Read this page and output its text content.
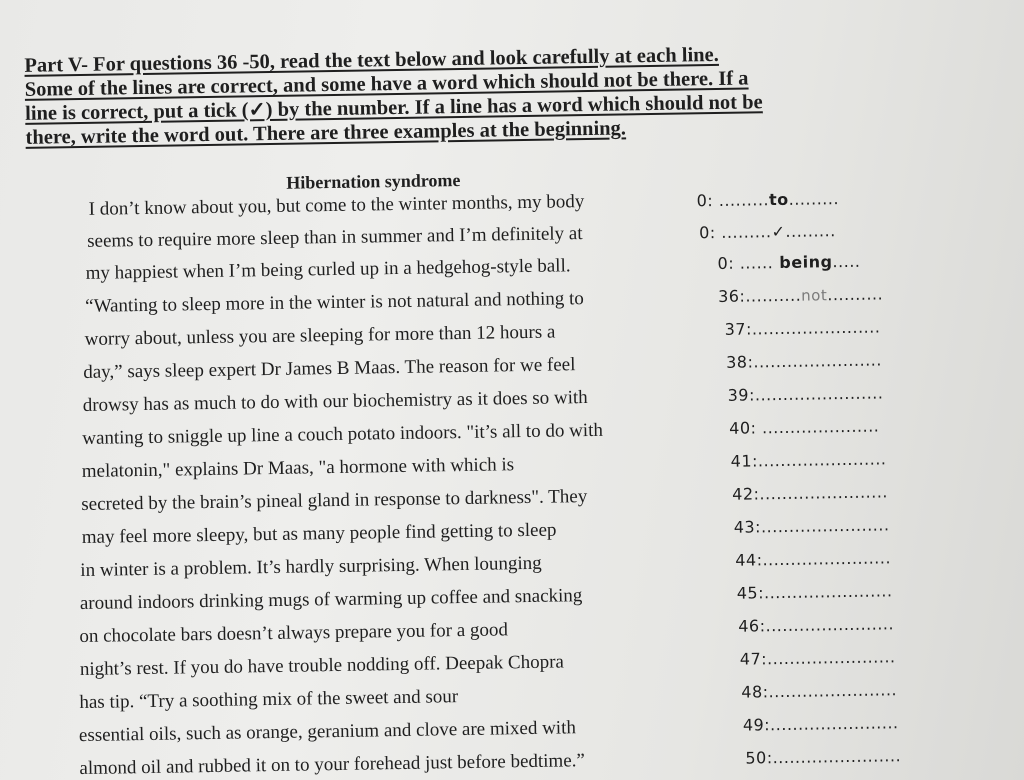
Part V- For questions 36 -50, read the text below and look carefully at each line.
Some of the lines are correct, and some have a word which should not be there. If a
line is correct, put a tick (✓) by the number. If a line has a word which should not be
there, write the word out. There are three examples at the beginning.
Hibernation syndrome
I don’t know about you, but come to the winter months, my body
seems to require more sleep than in summer and I’m definitely at
my happiest when I’m being curled up in a hedgehog-style ball.
“Wanting to sleep more in the winter is not natural and nothing to
worry about, unless you are sleeping for more than 12 hours a
day,” says sleep expert Dr James B Maas. The reason for we feel
drowsy has as much to do with our biochemistry as it does so with
wanting to sniggle up line a couch potato indoors. "it’s all to do with
melatonin," explains Dr Maas, "a hormone with which is
secreted by the brain’s pineal gland in response to darkness". They
may feel more sleepy, but as many people find getting to sleep
in winter is a problem. It’s hardly surprising. When lounging
around indoors drinking mugs of warming up coffee and snacking
on chocolate bars doesn’t always prepare you for a good
night’s rest. If you do have trouble nodding off. Deepak Chopra
has tip. “Try a soothing mix of the sweet and sour
essential oils, such as orange, geranium and clove are mixed with
almond oil and rubbed it on to your forehead just before bedtime.”
0: .........to.........
0: .........✓.........
0: ...... being.....
36:..........not..........
37:.......................
38:.......................
39:.......................
40: .....................
41:.......................
42:.......................
43:.......................
44:.......................
45:.......................
46:.......................
47:.......................
48:.......................
49:.......................
50:.......................
